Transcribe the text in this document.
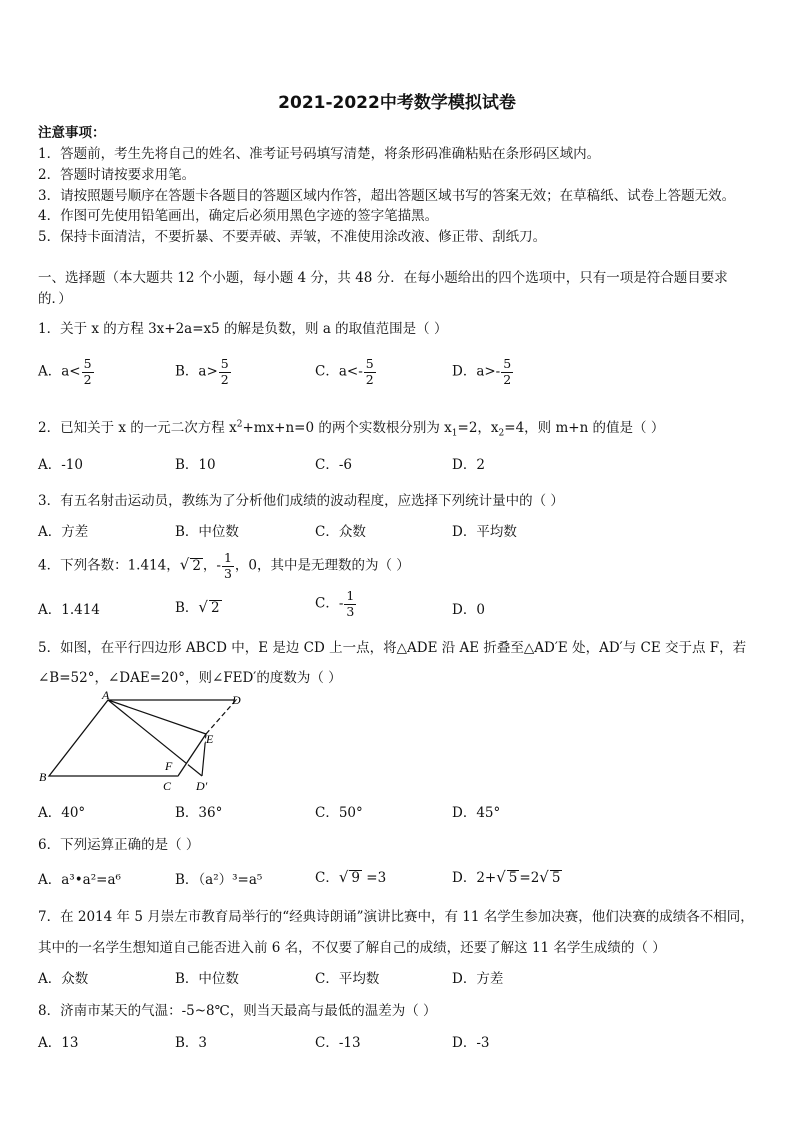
2021-2022中考数学模拟试卷
注意事项：
1．答题前，考生先将自己的姓名、准考证号码填写清楚，将条形码准确粘贴在条形码区域内。
2．答题时请按要求用笔。
3．请按照题号顺序在答题卡各题目的答题区域内作答，超出答题区域书写的答案无效；在草稿纸、试卷上答题无效。
4．作图可先使用铅笔画出，确定后必须用黑色字迹的签字笔描黑。
5．保持卡面清洁，不要折暴、不要弄破、弄皱，不准使用涂改液、修正带、刮纸刀。
一、选择题（本大题共 12 个小题，每小题 4 分，共 48 分．在每小题给出的四个选项中，只有一项是符合题目要求
的．）
1．关于 x 的方程 3x+2a=x5 的解是负数，则 a 的取值范围是（ ）
A．$a< \frac{5}{2}$	B．$a> \frac{5}{2}$	C．$a<- \frac{5}{2}$	D．$a>- \frac{5}{2}$
2．已知关于 x 的一元二次方程 $x^2+mx+n=0$ 的两个实数根分别为 $x_1=2$，$x_2=4$，则 m+n 的值是（ ）
A．-10	B．10	C．-6	D．2
3．有五名射击运动员，教练为了分析他们成绩的波动程度，应选择下列统计量中的（ ）
A．方差	B．中位数	C．众数	D．平均数
4．下列各数：1.414，√ 2 ，- $\frac{1}{3}$ ，0，其中是无理数的为（ ）
A．1.414	B．√ 2	C．- $\frac{1}{3}$	D．0
5．如图，在平行四边形 ABCD 中，E 是边 CD 上一点，将△ADE 沿 AE 折叠至△AD′E 处，AD′与 CE 交于点 F，若
∠B=52°，∠DAE=20°，则∠FED′的度数为（ ）
A
B
C
D
E
F
D′
A．40°	B．36°	C．50°	D．45°
6．下列运算正确的是（ ）
A．a³•a²=a⁶	B．（a²）³=a⁵	C．√ 9 =3	D．2+√ 5 =2√ 5
7．在 2014 年 5 月崇左市教育局举行的“经典诗朗诵”演讲比赛中，有 11 名学生参加决赛，他们决赛的成绩各不相同，
其中的一名学生想知道自己能否进入前 6 名，不仅要了解自己的成绩，还要了解这 11 名学生成绩的（ ）
A．众数	B．中位数	C．平均数	D．方差
8．济南市某天的气温：-5~8℃，则当天最高与最低的温差为（ ）
A．13	B．3	C．-13	D．-3
